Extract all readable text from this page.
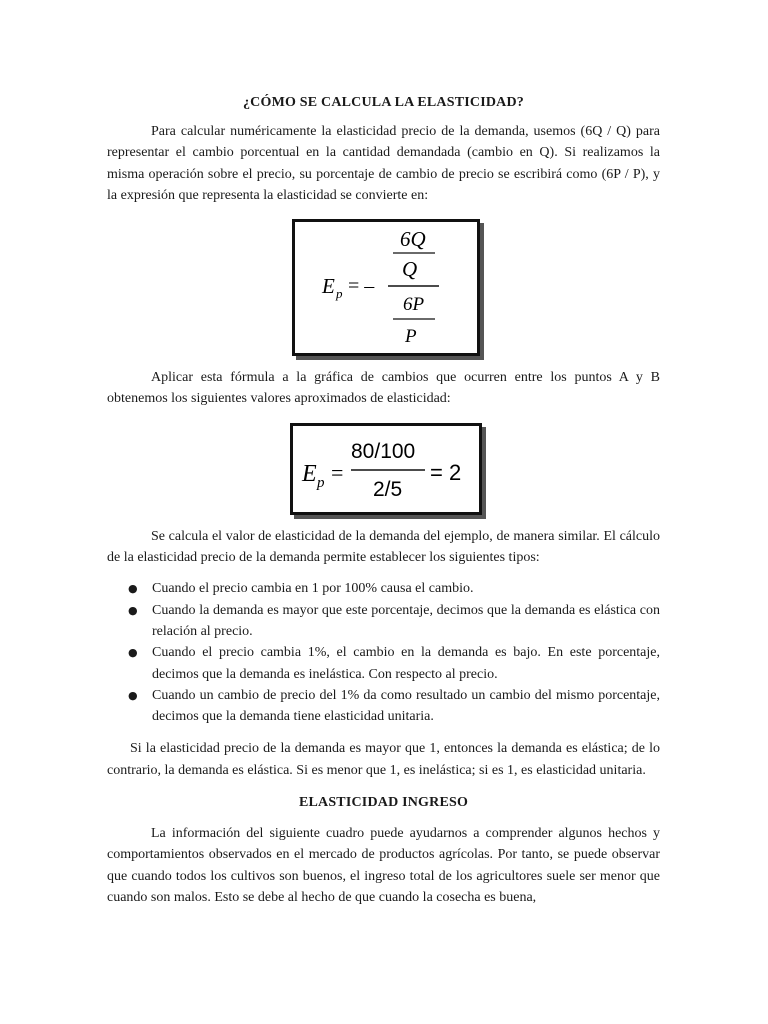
¿CÓMO SE CALCULA LA ELASTICIDAD?

Para calcular numéricamente la elasticidad precio de la demanda, usemos (6Q / Q) para representar el cambio porcentual en la cantidad demandada (cambio en Q). Si realizamos la misma operación sobre el precio, su porcentaje de cambio de precio se escribirá como (6P / P), y la expresión que representa la elasticidad se convierte en:

6Q
Q
E p = –
6P
P

Aplicar esta fórmula a la gráfica de cambios que ocurren entre los puntos A y B obtenemos los siguientes valores aproximados de elasticidad:

E p =
80/100
2/5
= 2

Se calcula el valor de elasticidad de la demanda del ejemplo, de manera similar. El cálculo de la elasticidad precio de la demanda permite establecer los siguientes tipos:

● Cuando el precio cambia en 1 por 100% causa el cambio.
● Cuando la demanda es mayor que este porcentaje, decimos que la demanda es elástica con relación al precio.
● Cuando el precio cambia 1%, el cambio en la demanda es bajo. En este porcentaje, decimos que la demanda es inelástica. Con respecto al precio.
● Cuando un cambio de precio del 1% da como resultado un cambio del mismo porcentaje, decimos que la demanda tiene elasticidad unitaria.

Si la elasticidad precio de la demanda es mayor que 1, entonces la demanda es elástica; de lo contrario, la demanda es elástica. Si es menor que 1, es inelástica; si es 1, es elasticidad unitaria.

ELASTICIDAD INGRESO

La información del siguiente cuadro puede ayudarnos a comprender algunos hechos y comportamientos observados en el mercado de productos agrícolas. Por tanto, se puede observar que cuando todos los cultivos son buenos, el ingreso total de los agricultores suele ser menor que cuando son malos. Esto se debe al hecho de que cuando la cosecha es buena,
